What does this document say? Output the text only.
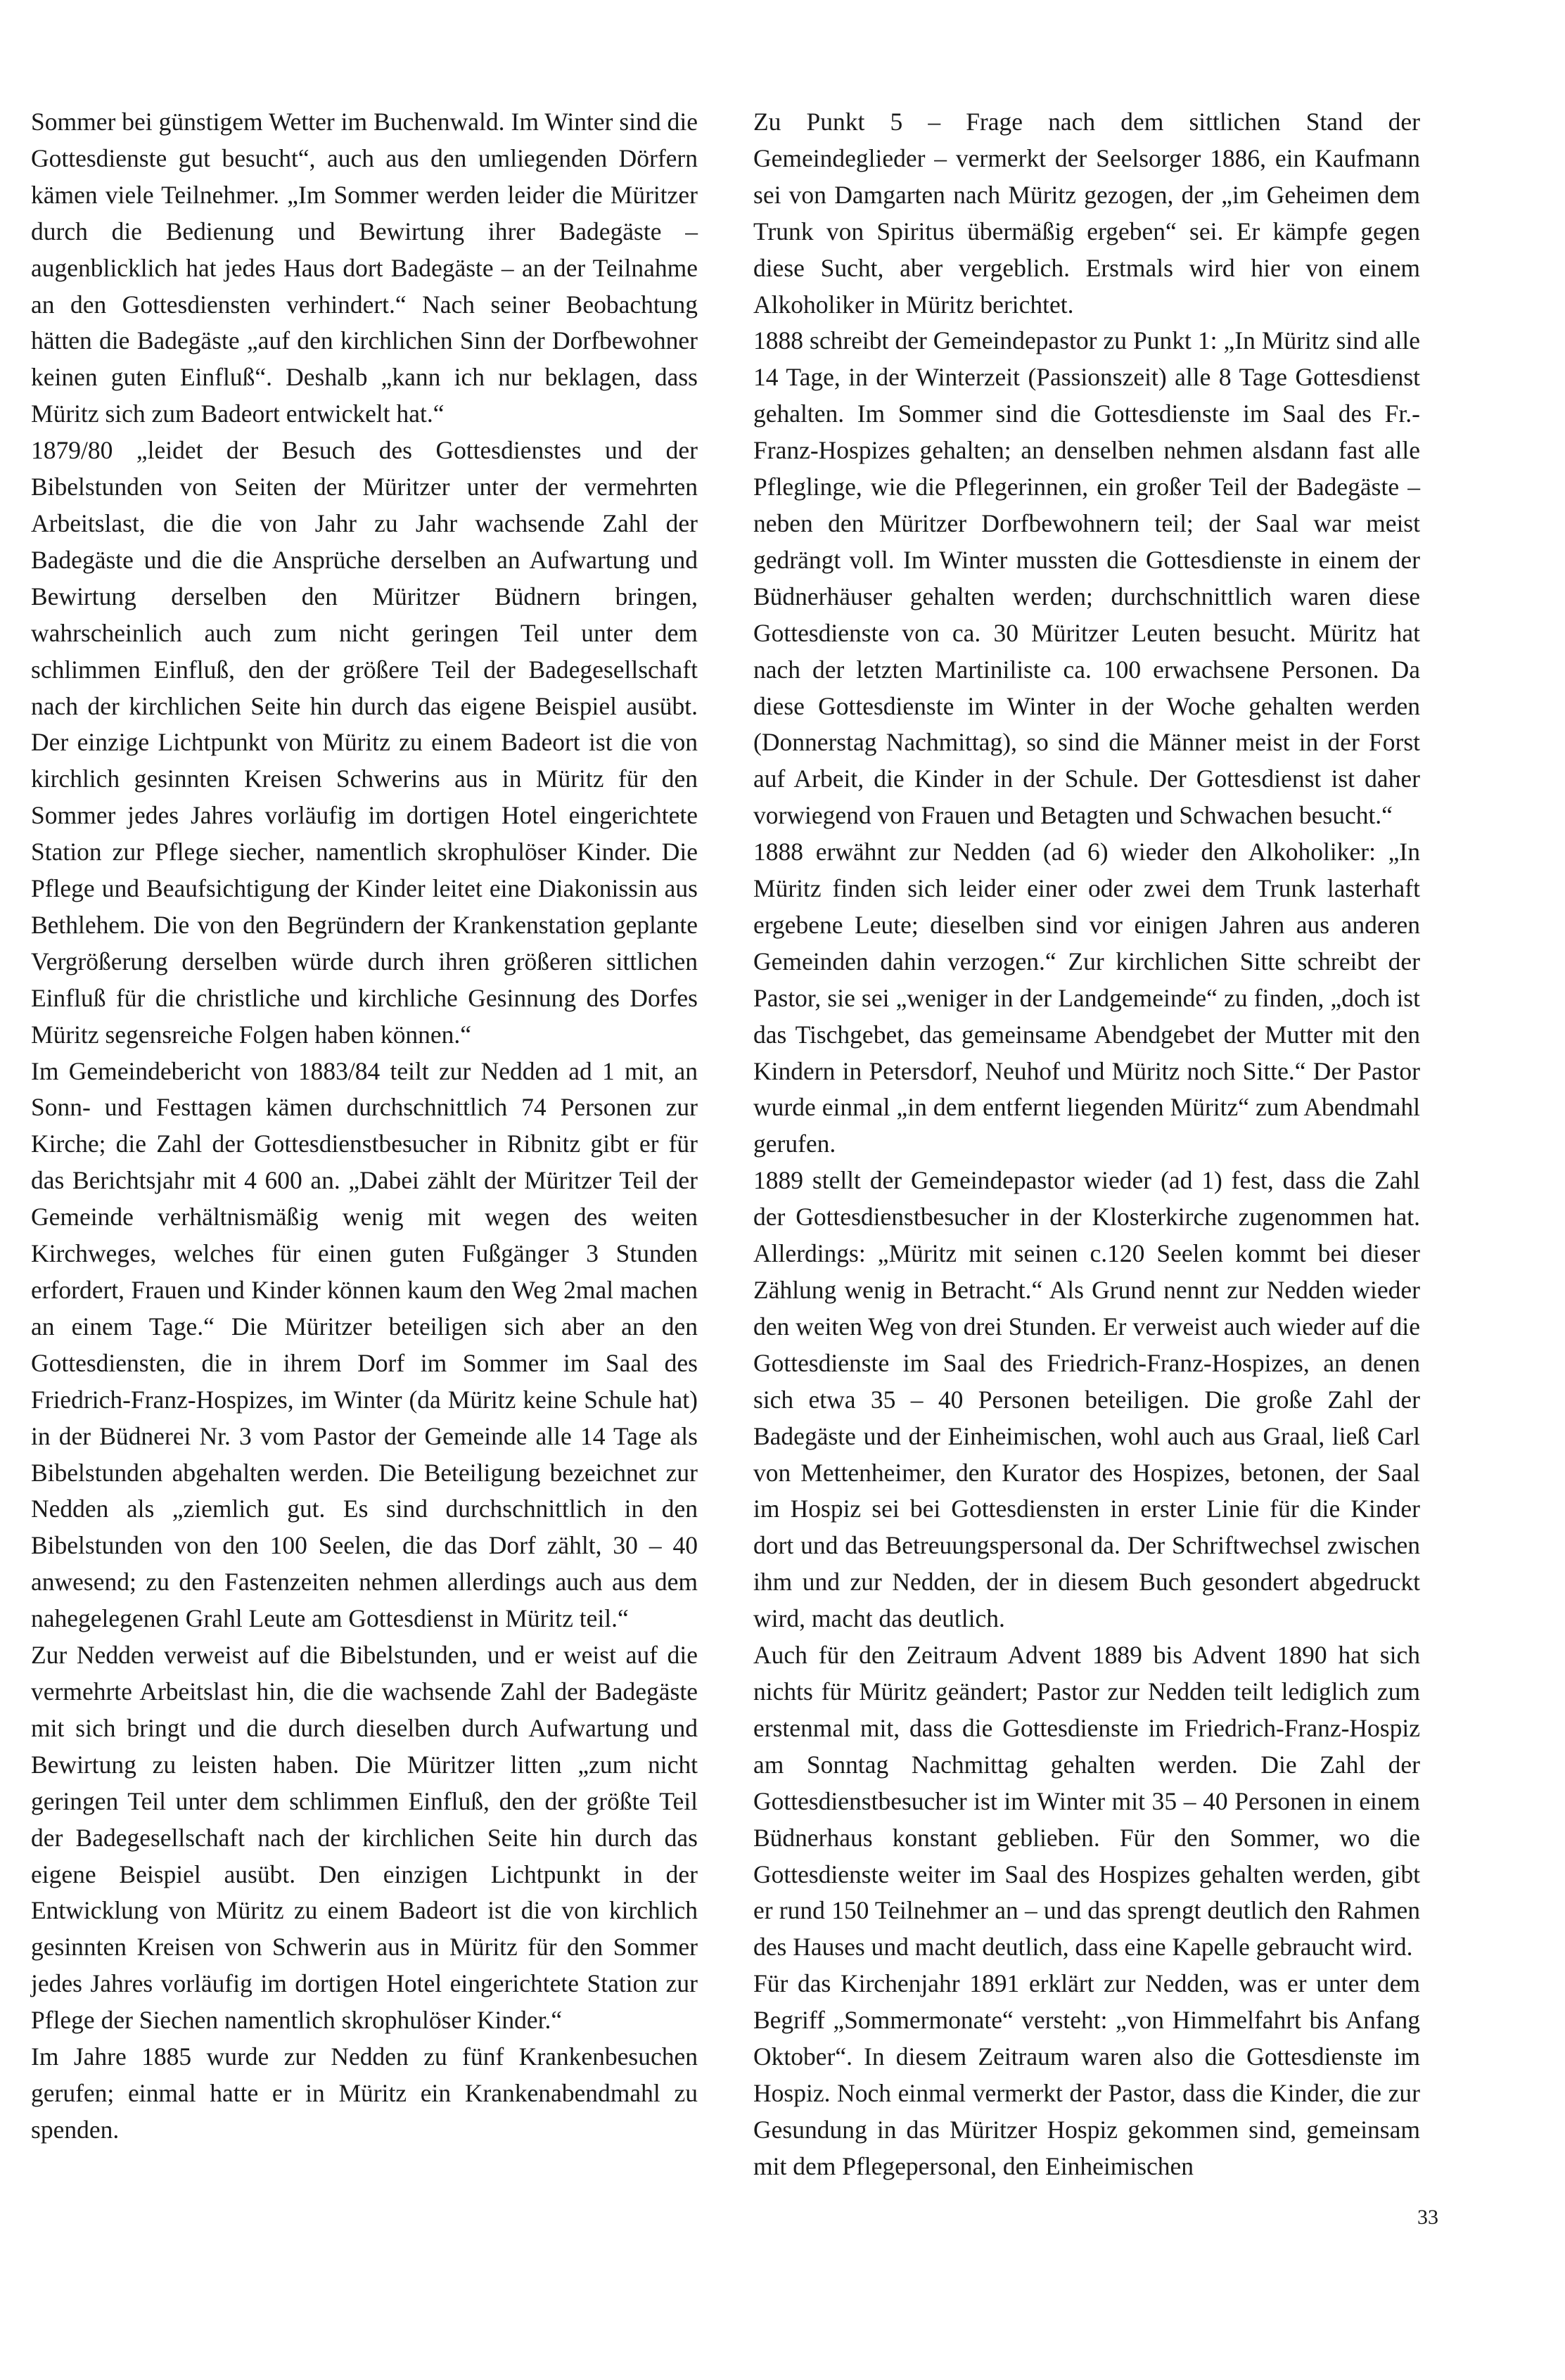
Sommer bei günstigem Wetter im Buchenwald. Im Winter sind die Gottesdienste gut besucht“, auch aus den umliegenden Dörfern kämen viele Teilnehmer. „Im Sommer werden leider die Müritzer durch die Bedienung und Bewirtung ihrer Badegäste – augenblicklich hat jedes Haus dort Badegäste – an der Teilnahme an den Gottesdiensten verhindert.“ Nach seiner Beobachtung hätten die Badegäste „auf den kirchlichen Sinn der Dorfbewohner keinen guten Einfluß“. Deshalb „kann ich nur beklagen, dass Müritz sich zum Badeort entwickelt hat.“

1879/80 „leidet der Besuch des Gottesdienstes und der Bibelstunden von Seiten der Müritzer unter der vermehrten Arbeitslast, die die von Jahr zu Jahr wachsende Zahl der Badegäste und die die Ansprüche derselben an Aufwartung und Bewirtung derselben den Müritzer Büdnern bringen, wahrscheinlich auch zum nicht geringen Teil unter dem schlimmen Einfluß, den der größere Teil der Badegesellschaft nach der kirchlichen Seite hin durch das eigene Beispiel ausübt. Der einzige Lichtpunkt von Müritz zu einem Badeort ist die von kirchlich gesinnten Kreisen Schwerins aus in Müritz für den Sommer jedes Jahres vorläufig im dortigen Hotel eingerichtete Station zur Pflege siecher, namentlich skrophulöser Kinder. Die Pflege und Beaufsichtigung der Kinder leitet eine Diakonissin aus Bethlehem. Die von den Begründern der Krankenstation geplante Vergrößerung derselben würde durch ihren größeren sittlichen Einfluß für die christliche und kirchliche Gesinnung des Dorfes Müritz segensreiche Folgen haben können.“

Im Gemeindebericht von 1883/84 teilt zur Nedden ad 1 mit, an Sonn- und Festtagen kämen durchschnittlich 74 Personen zur Kirche; die Zahl der Gottesdienstbesucher in Ribnitz gibt er für das Berichtsjahr mit 4 600 an. „Dabei zählt der Müritzer Teil der Gemeinde verhältnismäßig wenig mit wegen des weiten Kirchweges, welches für einen guten Fußgänger 3 Stunden erfordert, Frauen und Kinder können kaum den Weg 2mal machen an einem Tage.“ Die Müritzer beteiligen sich aber an den Gottesdiensten, die in ihrem Dorf im Sommer im Saal des Friedrich-Franz-Hospizes, im Winter (da Müritz keine Schule hat) in der Büdnerei Nr. 3 vom Pastor der Gemeinde alle 14 Tage als Bibelstunden abgehalten werden. Die Beteiligung bezeichnet zur Nedden als „ziemlich gut. Es sind durchschnittlich in den Bibelstunden von den 100 Seelen, die das Dorf zählt, 30 – 40 anwesend; zu den Fastenzeiten nehmen allerdings auch aus dem nahegelegenen Grahl Leute am Gottesdienst in Müritz teil.“

Zur Nedden verweist auf die Bibelstunden, und er weist auf die vermehrte Arbeitslast hin, die die wachsende Zahl der Badegäste mit sich bringt und die durch dieselben durch Aufwartung und Bewirtung zu leisten haben. Die Müritzer litten „zum nicht geringen Teil unter dem schlimmen Einfluß, den der größte Teil der Badegesellschaft nach der kirchlichen Seite hin durch das eigene Beispiel ausübt. Den einzigen Lichtpunkt in der Entwicklung von Müritz zu einem Badeort ist die von kirchlich gesinnten Kreisen von Schwerin aus in Müritz für den Sommer jedes Jahres vorläufig im dortigen Hotel eingerichtete Station zur Pflege der Siechen namentlich skrophulöser Kinder.“

Im Jahre 1885 wurde zur Nedden zu fünf Krankenbesuchen gerufen; einmal hatte er in Müritz ein Krankenabendmahl zu spenden.

Zu Punkt 5 – Frage nach dem sittlichen Stand der Gemeindeglieder – vermerkt der Seelsorger 1886, ein Kaufmann sei von Damgarten nach Müritz gezogen, der „im Geheimen dem Trunk von Spiritus übermäßig ergeben“ sei. Er kämpfe gegen diese Sucht, aber vergeblich. Erstmals wird hier von einem Alkoholiker in Müritz berichtet.

1888 schreibt der Gemeindepastor zu Punkt 1: „In Müritz sind alle 14 Tage, in der Winterzeit (Passionszeit) alle 8 Tage Gottesdienst gehalten. Im Sommer sind die Gottesdienste im Saal des Fr.-Franz-Hospizes gehalten; an denselben nehmen alsdann fast alle Pfleglinge, wie die Pflegerinnen, ein großer Teil der Badegäste – neben den Müritzer Dorfbewohnern teil; der Saal war meist gedrängt voll. Im Winter mussten die Gottesdienste in einem der Büdnerhäuser gehalten werden; durchschnittlich waren diese Gottesdienste von ca. 30 Müritzer Leuten besucht. Müritz hat nach der letzten Martiniliste ca. 100 erwachsene Personen. Da diese Gottesdienste im Winter in der Woche gehalten werden (Donnerstag Nachmittag), so sind die Männer meist in der Forst auf Arbeit, die Kinder in der Schule. Der Gottesdienst ist daher vorwiegend von Frauen und Betagten und Schwachen besucht.“

1888 erwähnt zur Nedden (ad 6) wieder den Alkoholiker: „In Müritz finden sich leider einer oder zwei dem Trunk lasterhaft ergebene Leute; dieselben sind vor einigen Jahren aus anderen Gemeinden dahin verzogen.“ Zur kirchlichen Sitte schreibt der Pastor, sie sei „weniger in der Landgemeinde“ zu finden, „doch ist das Tischgebet, das gemeinsame Abendgebet der Mutter mit den Kindern in Petersdorf, Neuhof und Müritz noch Sitte.“ Der Pastor wurde einmal „in dem entfernt liegenden Müritz“ zum Abendmahl gerufen.

1889 stellt der Gemeindepastor wieder (ad 1) fest, dass die Zahl der Gottesdienstbesucher in der Klosterkirche zugenommen hat. Allerdings: „Müritz mit seinen c.120 Seelen kommt bei dieser Zählung wenig in Betracht.“ Als Grund nennt zur Nedden wieder den weiten Weg von drei Stunden. Er verweist auch wieder auf die Gottesdienste im Saal des Friedrich-Franz-Hospizes, an denen sich etwa 35 – 40 Personen beteiligen. Die große Zahl der Badegäste und der Einheimischen, wohl auch aus Graal, ließ Carl von Mettenheimer, den Kurator des Hospizes, betonen, der Saal im Hospiz sei bei Gottesdiensten in erster Linie für die Kinder dort und das Betreuungspersonal da. Der Schriftwechsel zwischen ihm und zur Nedden, der in diesem Buch gesondert abgedruckt wird, macht das deutlich.

Auch für den Zeitraum Advent 1889 bis Advent 1890 hat sich nichts für Müritz geändert; Pastor zur Nedden teilt lediglich zum erstenmal mit, dass die Gottesdienste im Friedrich-Franz-Hospiz am Sonntag Nachmittag gehalten werden. Die Zahl der Gottesdienstbesucher ist im Winter mit 35 – 40 Personen in einem Büdnerhaus konstant geblieben. Für den Sommer, wo die Gottesdienste weiter im Saal des Hospizes gehalten werden, gibt er rund 150 Teilnehmer an – und das sprengt deutlich den Rahmen des Hauses und macht deutlich, dass eine Kapelle gebraucht wird.

Für das Kirchenjahr 1891 erklärt zur Nedden, was er unter dem Begriff „Sommermonate“ versteht: „von Himmelfahrt bis Anfang Oktober“. In diesem Zeitraum waren also die Gottesdienste im Hospiz. Noch einmal vermerkt der Pastor, dass die Kinder, die zur Gesundung in das Müritzer Hospiz gekommen sind, gemeinsam mit dem Pflegepersonal, den Einheimischen

33
